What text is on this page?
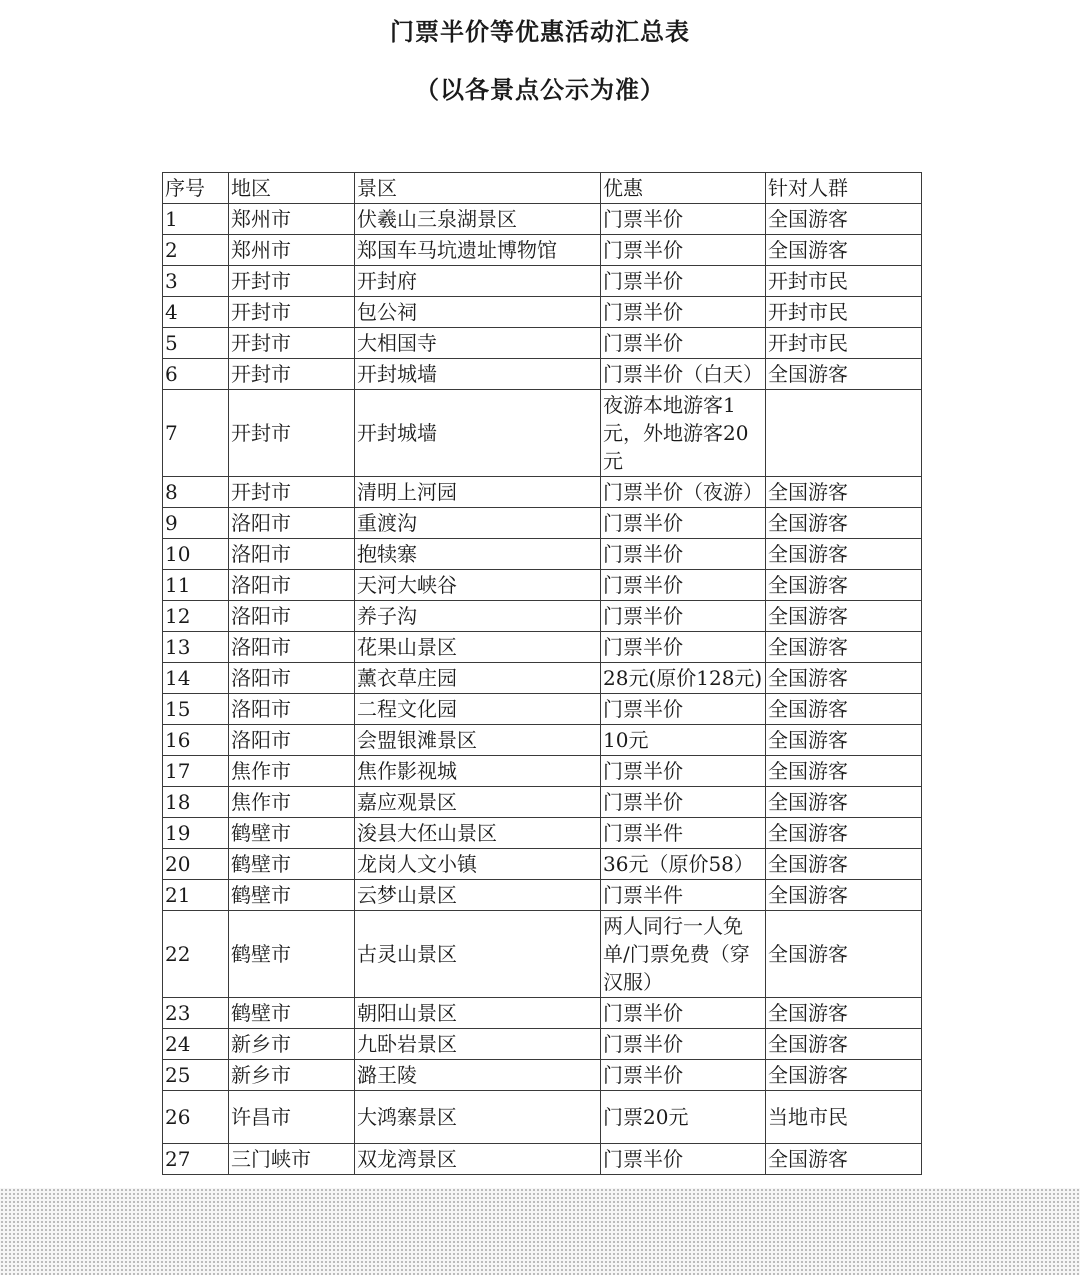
门票半价等优惠活动汇总表
（以各景点公示为准）
序号	地区	景区	优惠	针对人群
1	郑州市	伏羲山三泉湖景区	门票半价	全国游客
2	郑州市	郑国车马坑遗址博物馆	门票半价	全国游客
3	开封市	开封府	门票半价	开封市民
4	开封市	包公祠	门票半价	开封市民
5	开封市	大相国寺	门票半价	开封市民
6	开封市	开封城墙	门票半价（白天）	全国游客
7	开封市	开封城墙	夜游本地游客1元，外地游客20元	
8	开封市	清明上河园	门票半价（夜游）	全国游客
9	洛阳市	重渡沟	门票半价	全国游客
10	洛阳市	抱犊寨	门票半价	全国游客
11	洛阳市	天河大峡谷	门票半价	全国游客
12	洛阳市	养子沟	门票半价	全国游客
13	洛阳市	花果山景区	门票半价	全国游客
14	洛阳市	薰衣草庄园	28元(原价128元)	全国游客
15	洛阳市	二程文化园	门票半价	全国游客
16	洛阳市	会盟银滩景区	10元	全国游客
17	焦作市	焦作影视城	门票半价	全国游客
18	焦作市	嘉应观景区	门票半价	全国游客
19	鹤壁市	浚县大伾山景区	门票半件	全国游客
20	鹤壁市	龙岗人文小镇	36元（原价58）	全国游客
21	鹤壁市	云梦山景区	门票半件	全国游客
22	鹤壁市	古灵山景区	两人同行一人免单/门票免费（穿汉服）	全国游客
23	鹤壁市	朝阳山景区	门票半价	全国游客
24	新乡市	九卧岩景区	门票半价	全国游客
25	新乡市	潞王陵	门票半价	全国游客
26	许昌市	大鸿寨景区	门票20元	当地市民
27	三门峡市	双龙湾景区	门票半价	全国游客
